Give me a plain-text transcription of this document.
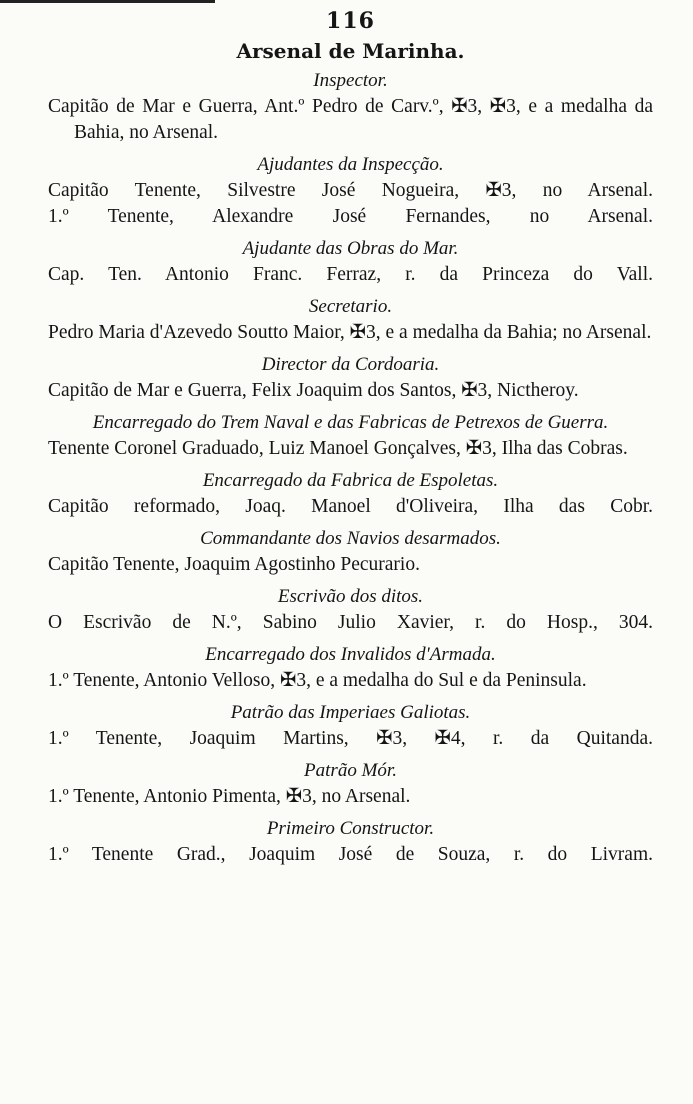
116
Arsenal de Marinha.
Inspector.
Capitão de Mar e Guerra, Ant.º Pedro de Carv.º, ✠3, ✠3, e a medalha da Bahia, no Arsenal.
Ajudantes da Inspecção.
Capitão Tenente, Silvestre José Nogueira, ✠3, no Arsenal.
1.º Tenente, Alexandre José Fernandes, no Arsenal.
Ajudante das Obras do Mar.
Cap. Ten. Antonio Franc. Ferraz, r. da Princeza do Vall.
Secretario.
Pedro Maria d'Azevedo Soutto Maior, ✠3, e a medalha da Bahia; no Arsenal.
Director da Cordoaria.
Capitão de Mar e Guerra, Felix Joaquim dos Santos, ✠3, Nictheroy.
Encarregado do Trem Naval e das Fabricas de Petrexos de Guerra.
Tenente Coronel Graduado, Luiz Manoel Gonçalves, ✠3, Ilha das Cobras.
Encarregado da Fabrica de Espoletas.
Capitão reformado, Joaq. Manoel d'Oliveira, Ilha das Cobr.
Commandante dos Navios desarmados.
Capitão Tenente, Joaquim Agostinho Pecurario.
Escrivão dos ditos.
O Escrivão de N.º, Sabino Julio Xavier, r. do Hosp., 304.
Encarregado dos Invalidos d'Armada.
1.º Tenente, Antonio Velloso, ✠3, e a medalha do Sul e da Peninsula.
Patrão das Imperiaes Galiotas.
1.º Tenente, Joaquim Martins, ✠3, ✠4, r. da Quitanda.
Patrão Mór.
1.º Tenente, Antonio Pimenta, ✠3, no Arsenal.
Primeiro Constructor.
1.º Tenente Grad., Joaquim José de Souza, r. do Livram.
